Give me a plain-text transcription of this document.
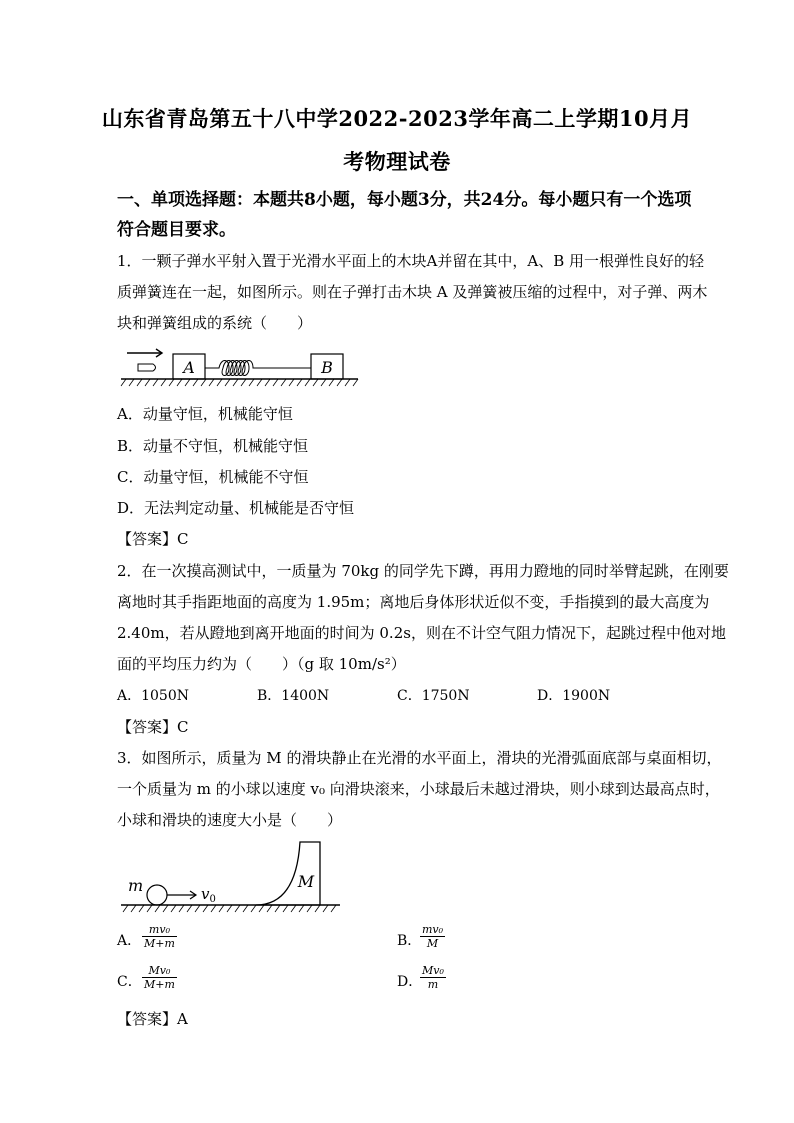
山东省青岛第五十八中学2022-2023学年高二上学期10月月
考物理试卷
一、单项选择题：本题共8小题，每小题3分，共24分。每小题只有一个选项
符合题目要求。
1．一颗子弹水平射入置于光滑水平面上的木块A并留在其中，A、B 用一根弹性良好的轻
质弹簧连在一起，如图所示。则在子弹打击木块 A 及弹簧被压缩的过程中，对子弹、两木
块和弹簧组成的系统（　　）
A	B
A．动量守恒，机械能守恒
B．动量不守恒，机械能守恒
C．动量守恒，机械能不守恒
D．无法判定动量、机械能是否守恒
【答案】C
2．在一次摸高测试中，一质量为 70kg 的同学先下蹲，再用力蹬地的同时举臂起跳，在刚要
离地时其手指距地面的高度为 1.95m；离地后身体形状近似不变，手指摸到的最大高度为
2.40m，若从蹬地到离开地面的时间为 0.2s，则在不计空气阻力情况下，起跳过程中他对地
面的平均压力约为（　　）（g 取 10m/s²）
A．1050N	B．1400N	C．1750N	D．1900N
【答案】C
3．如图所示，质量为 M 的滑块静止在光滑的水平面上，滑块的光滑弧面底部与桌面相切，
一个质量为 m 的小球以速度 v₀ 向滑块滚来，小球最后未越过滑块，则小球到达最高点时，
小球和滑块的速度大小是（　　）
M
m	$v_0$
A． $\frac{\text{mv₀}}{M+m}$	B．
$\frac{\text{mv₀}}{M}$
C． $\frac{\text{Mv₀}}{M+m}$	D．
$\frac{\text{Mv₀}}{m}$
【答案】A
